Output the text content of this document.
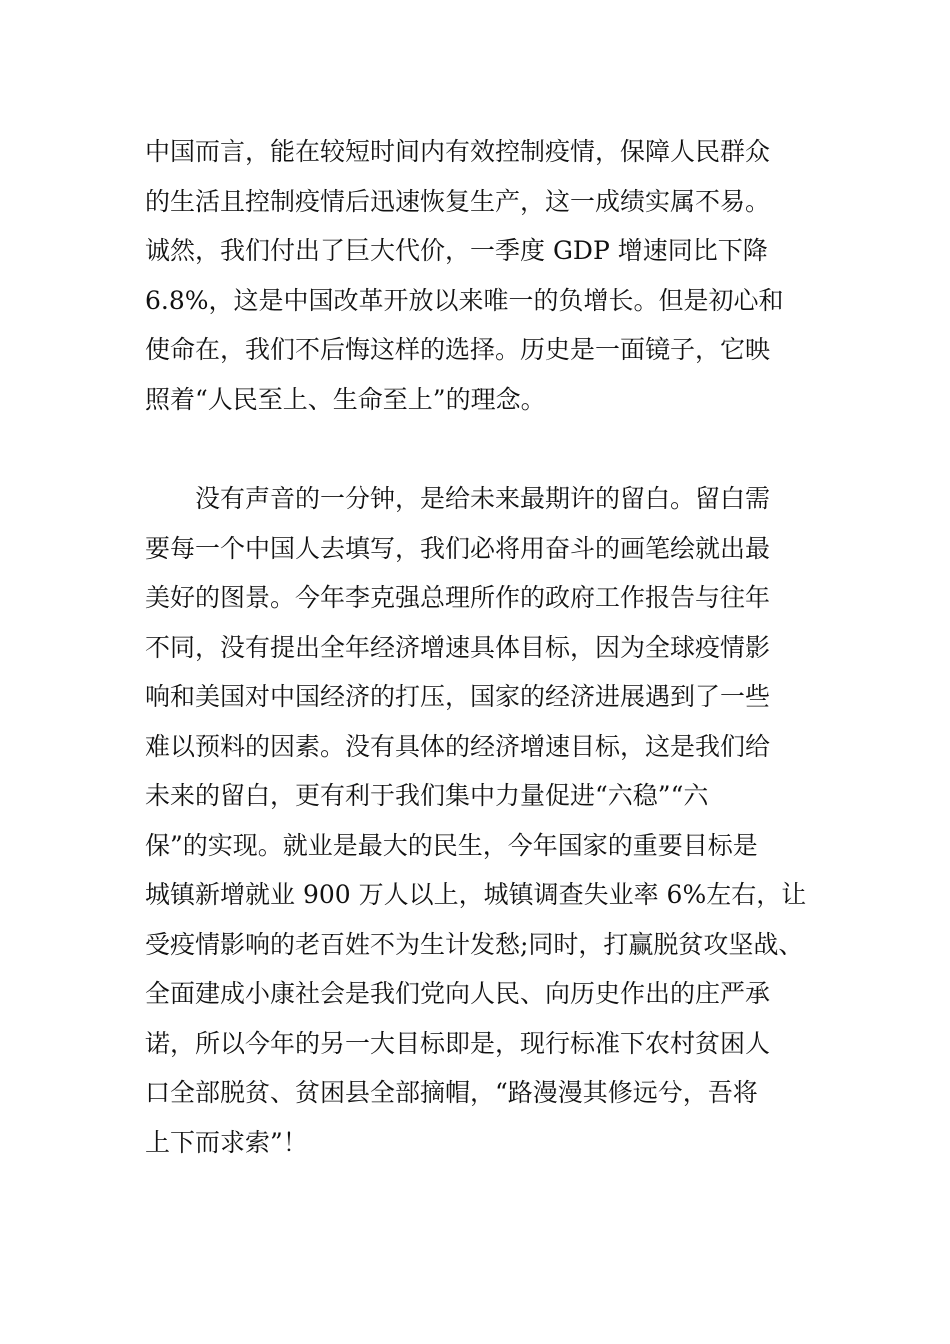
中国而言，能在较短时间内有效控制疫情，保障人民群众
的生活且控制疫情后迅速恢复生产，这一成绩实属不易。
诚然，我们付出了巨大代价，一季度 GDP 增速同比下降
6.8%，这是中国改革开放以来唯一的负增长。但是初心和
使命在，我们不后悔这样的选择。历史是一面镜子，它映
照着“人民至上、生命至上”的理念。
　　没有声音的一分钟，是给未来最期许的留白。留白需
要每一个中国人去填写，我们必将用奋斗的画笔绘就出最
美好的图景。今年李克强总理所作的政府工作报告与往年
不同，没有提出全年经济增速具体目标，因为全球疫情影
响和美国对中国经济的打压，国家的经济进展遇到了一些
难以预料的因素。没有具体的经济增速目标，这是我们给
未来的留白，更有利于我们集中力量促进“六稳”“六
保”的实现。就业是最大的民生，今年国家的重要目标是
城镇新增就业 900 万人以上，城镇调查失业率 6%左右，让
受疫情影响的老百姓不为生计发愁;同时，打赢脱贫攻坚战、
全面建成小康社会是我们党向人民、向历史作出的庄严承
诺，所以今年的另一大目标即是，现行标准下农村贫困人
口全部脱贫、贫困县全部摘帽，“路漫漫其修远兮，吾将
上下而求索”！
